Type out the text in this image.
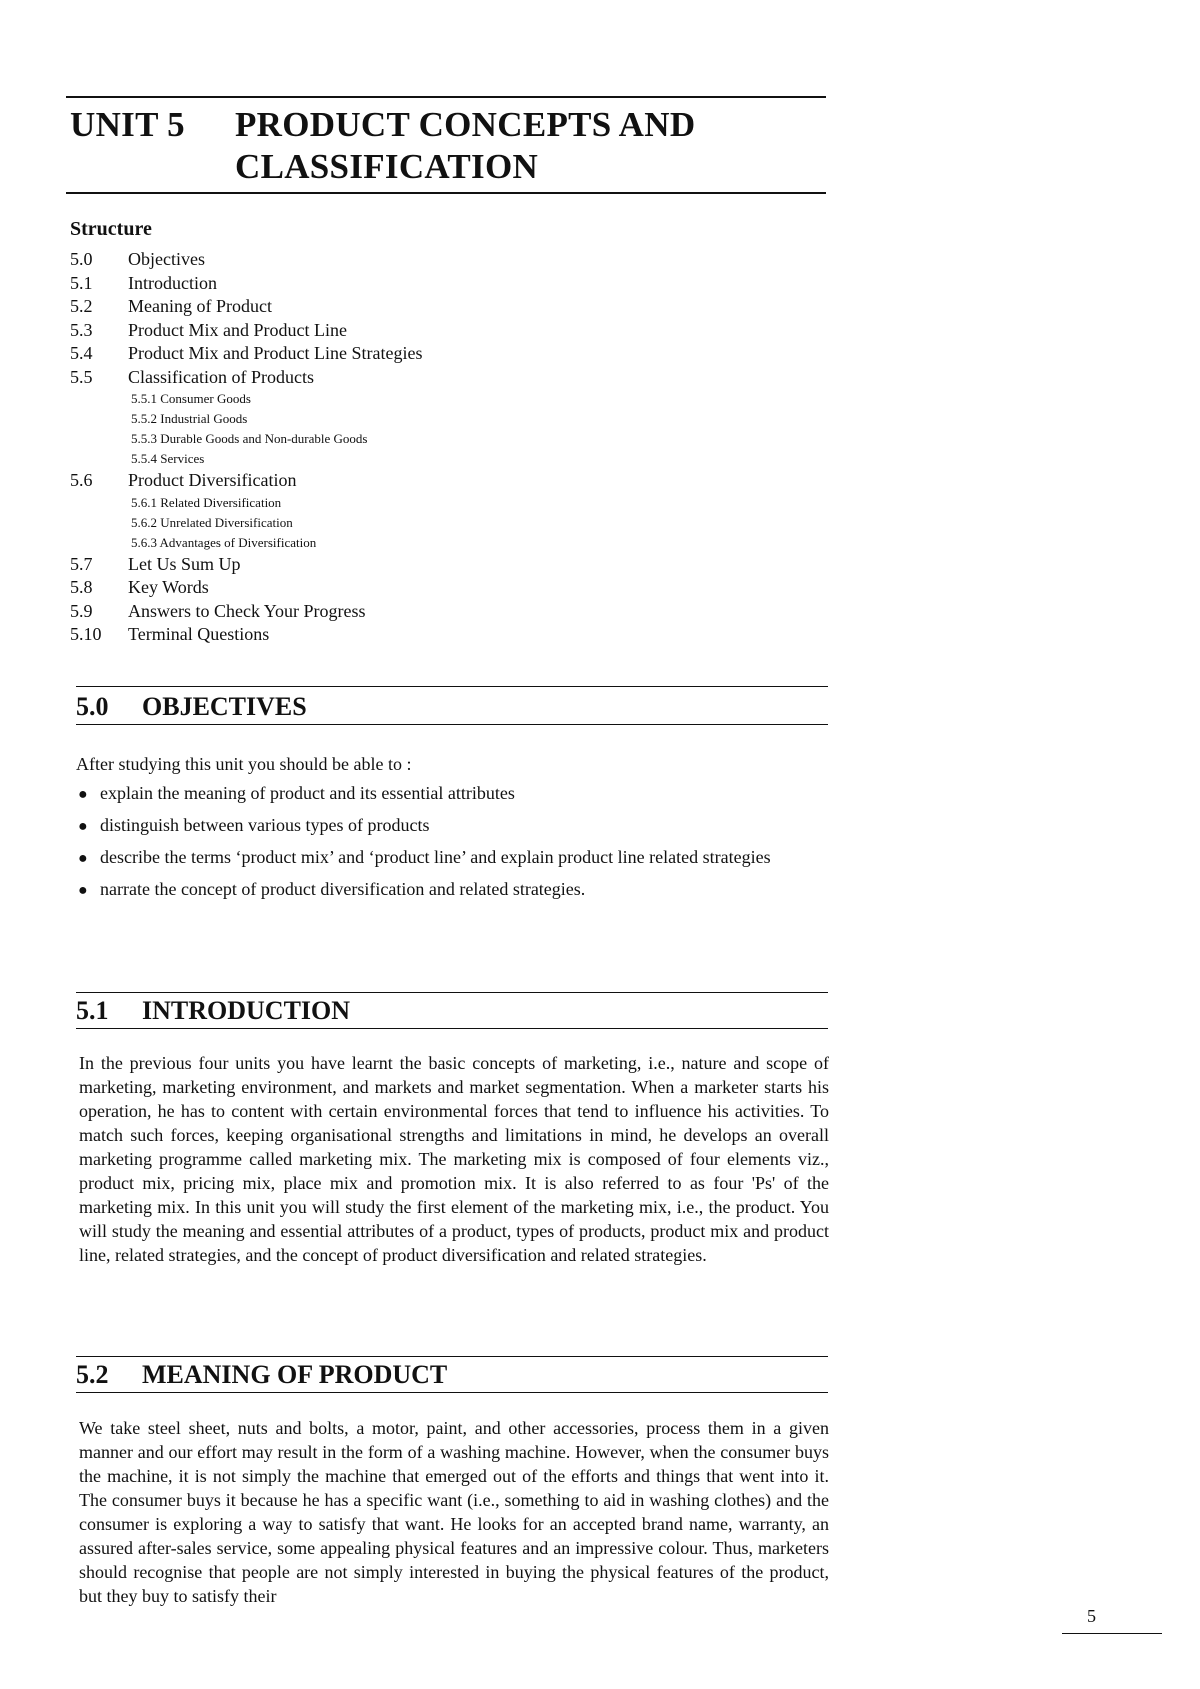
UNIT 5	PRODUCT CONCEPTS AND CLASSIFICATION
Structure
5.0	Objectives
5.1	Introduction
5.2	Meaning of Product
5.3	Product Mix and Product Line
5.4	Product Mix and Product Line Strategies
5.5	Classification of Products
5.5.1 Consumer Goods
5.5.2 Industrial Goods
5.5.3 Durable Goods and Non-durable Goods
5.5.4 Services
5.6	Product Diversification
5.6.1 Related Diversification
5.6.2 Unrelated Diversification
5.6.3 Advantages of Diversification
5.7	Let Us Sum Up
5.8	Key Words
5.9	Answers to Check Your Progress
5.10	Terminal Questions
5.0 OBJECTIVES
After studying this unit you should be able to :
● explain the meaning of product and its essential attributes
● distinguish between various types of products
● describe the terms ‘product mix’ and ‘product line’ and explain product line related strategies
● narrate the concept of product diversification and related strategies.
5.1 INTRODUCTION

In the previous four units you have learnt the basic concepts of marketing, i.e., nature and scope of marketing, marketing environment, and markets and market segmentation. When a marketer starts his operation, he has to content with certain environmental forces that tend to influence his activities. To match such forces, keeping organisational strengths and limitations in mind, he develops an overall marketing programme called marketing mix. The marketing mix is composed of four elements viz., product mix, pricing mix, place mix and promotion mix. It is also referred to as four 'Ps' of the marketing mix. In this unit you will study the first element of the marketing mix, i.e., the product. You will study the meaning and essential attributes of a product, types of products, product mix and product line, related strategies, and the concept of product diversification and related strategies.

5.2 MEANING OF PRODUCT

We take steel sheet, nuts and bolts, a motor, paint, and other accessories, process them in a given manner and our effort may result in the form of a washing machine. However, when the consumer buys the machine, it is not simply the machine that emerged out of the efforts and things that went into it. The consumer buys it because he has a specific want (i.e., something to aid in washing clothes) and the consumer is exploring a way to satisfy that want. He looks for an accepted brand name, warranty, an assured after-sales service, some appealing physical features and an impressive colour. Thus, marketers should recognise that people are not simply interested in buying the physical features of the product, but they buy to satisfy their

5
